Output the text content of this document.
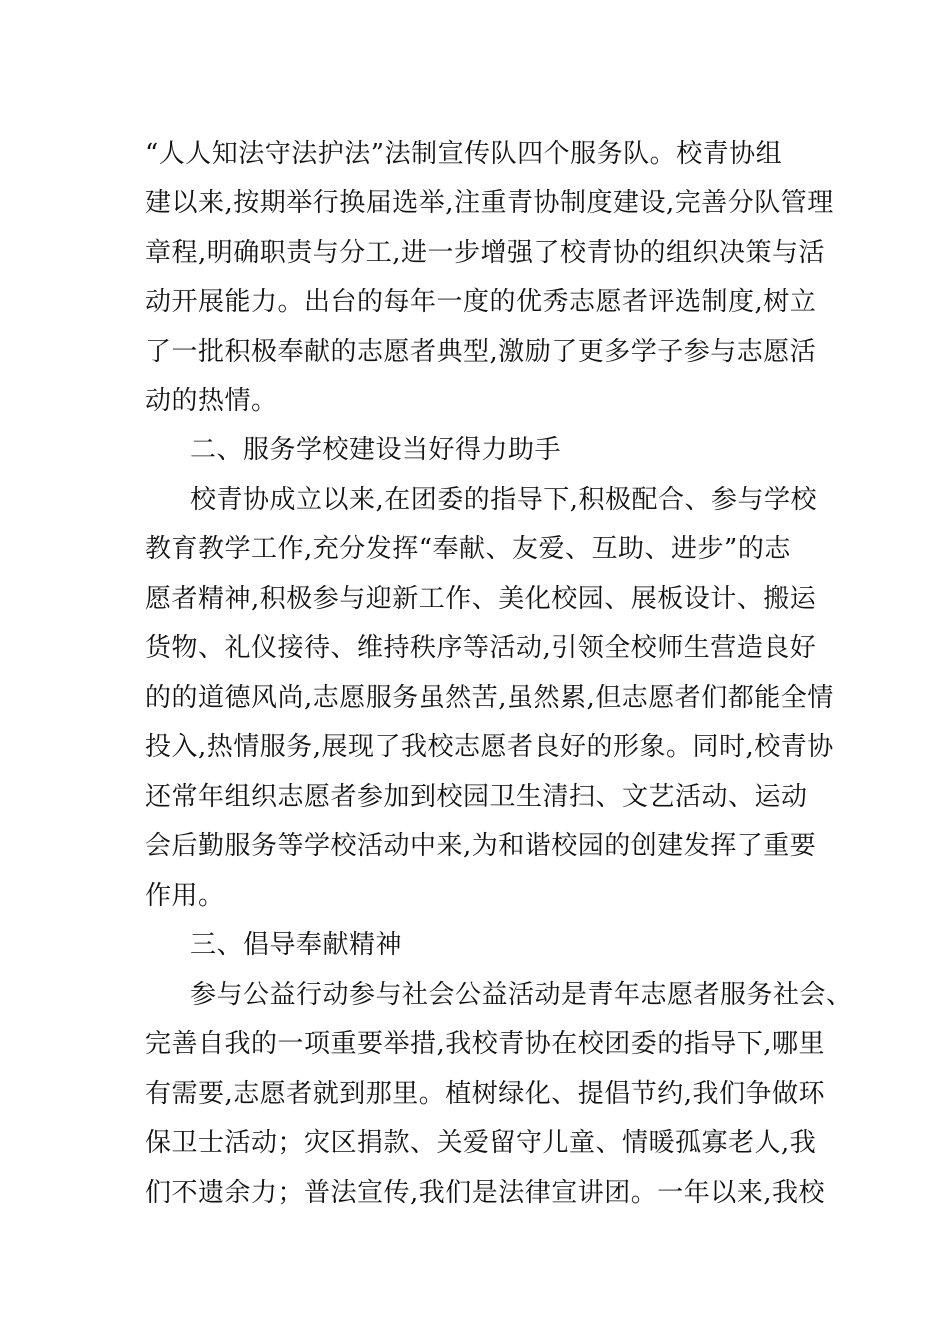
“人人知法守法护法”法制宣传队四个服务队。校青协组
建以来,按期举行换届选举,注重青协制度建设,完善分队管理
章程,明确职责与分工,进一步增强了校青协的组织决策与活
动开展能力。出台的每年一度的优秀志愿者评选制度,树立
了一批积极奉献的志愿者典型,激励了更多学子参与志愿活
动的热情。
二、服务学校建设当好得力助手
校青协成立以来,在团委的指导下,积极配合、参与学校
教育教学工作,充分发挥“奉献、友爱、互助、进步”的志
愿者精神,积极参与迎新工作、美化校园、展板设计、搬运
货物、礼仪接待、维持秩序等活动,引领全校师生营造良好
的的道德风尚,志愿服务虽然苦,虽然累,但志愿者们都能全情
投入,热情服务,展现了我校志愿者良好的形象。同时,校青协
还常年组织志愿者参加到校园卫生清扫、文艺活动、运动
会后勤服务等学校活动中来,为和谐校园的创建发挥了重要
作用。
三、倡导奉献精神
参与公益行动参与社会公益活动是青年志愿者服务社会、
完善自我的一项重要举措,我校青协在校团委的指导下,哪里
有需要,志愿者就到那里。植树绿化、提倡节约,我们争做环
保卫士活动；灾区捐款、关爱留守儿童、情暖孤寡老人,我
们不遗余力；普法宣传,我们是法律宣讲团。一年以来,我校
